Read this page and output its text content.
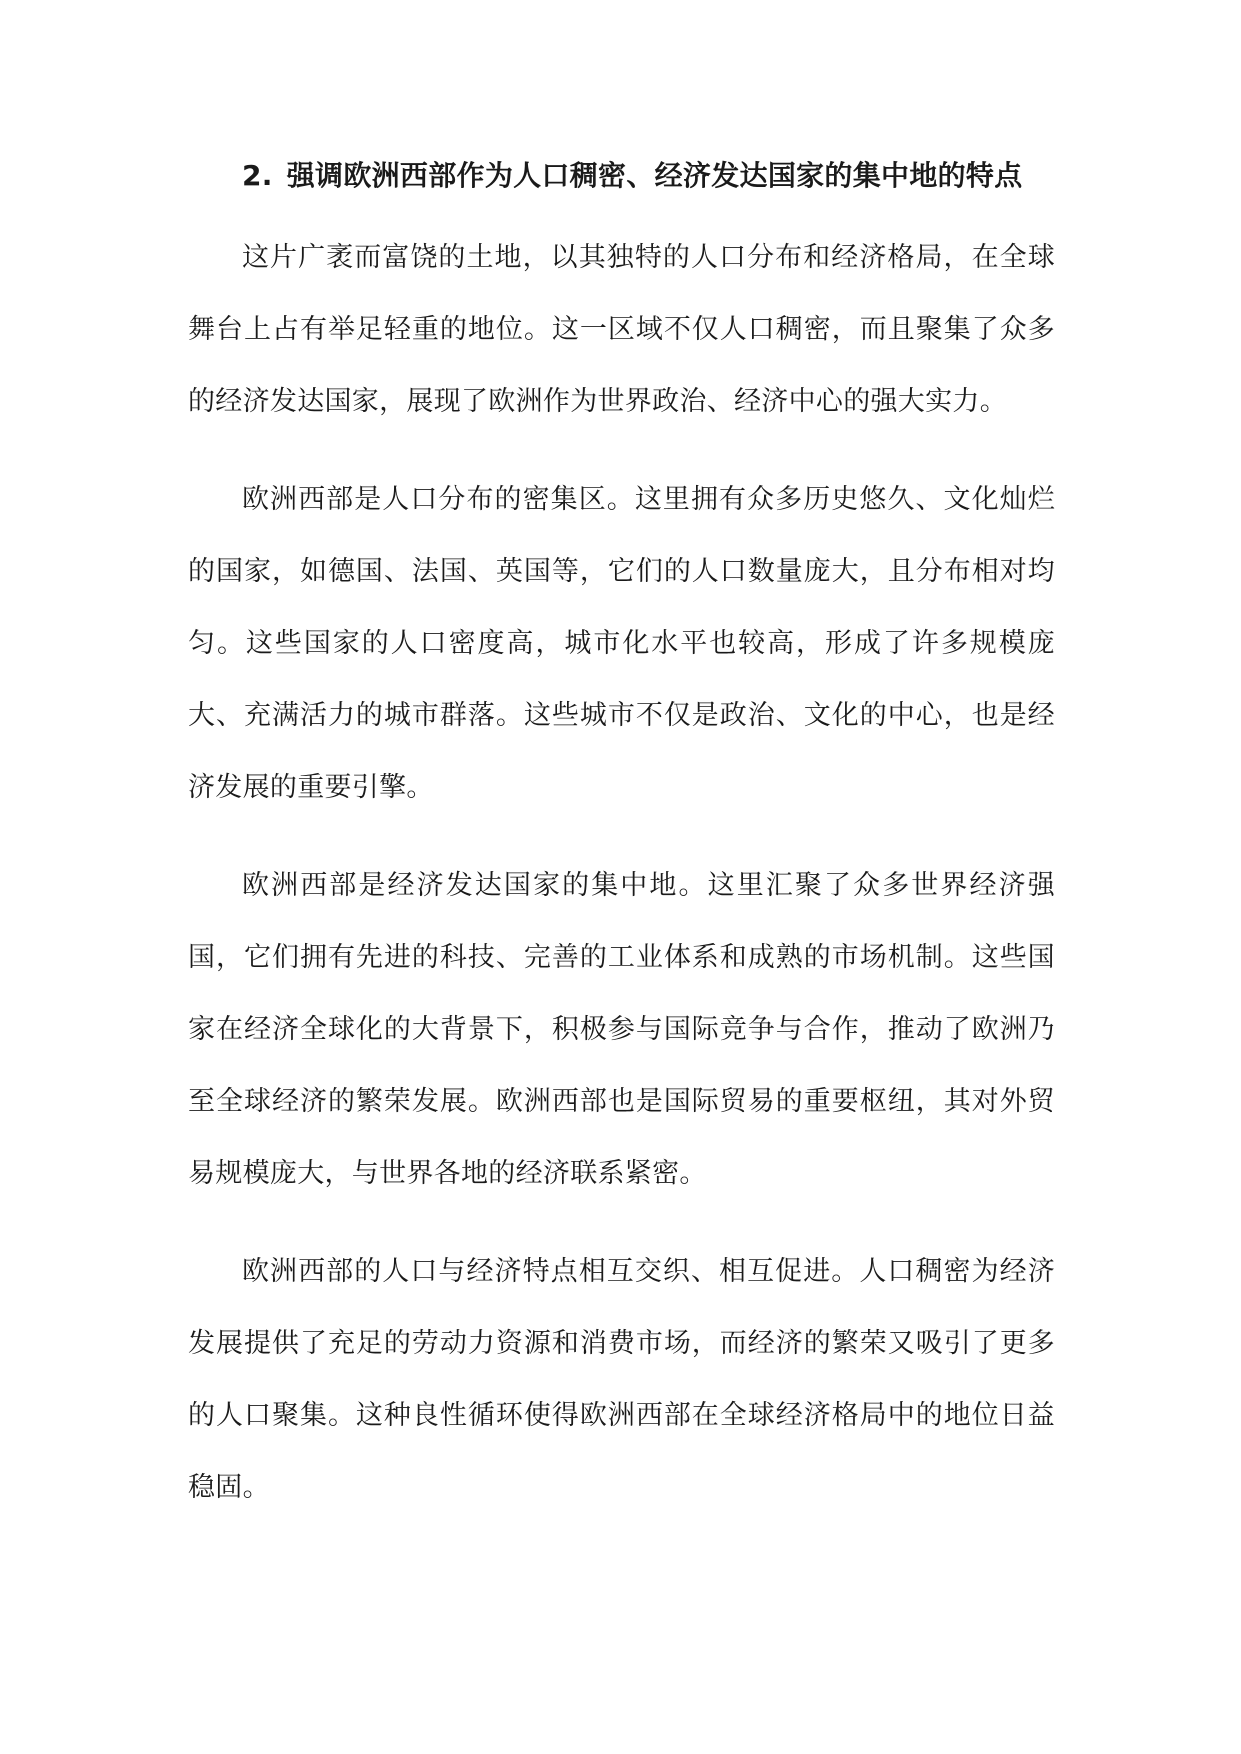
2. 强调欧洲西部作为人口稠密、经济发达国家的集中地的特点

这片广袤而富饶的土地，以其独特的人口分布和经济格局，在全球舞台上占有举足轻重的地位。这一区域不仅人口稠密，而且聚集了众多的经济发达国家，展现了欧洲作为世界政治、经济中心的强大实力。

欧洲西部是人口分布的密集区。这里拥有众多历史悠久、文化灿烂的国家，如德国、法国、英国等，它们的人口数量庞大，且分布相对均匀。这些国家的人口密度高，城市化水平也较高，形成了许多规模庞大、充满活力的城市群落。这些城市不仅是政治、文化的中心，也是经济发展的重要引擎。

欧洲西部是经济发达国家的集中地。这里汇聚了众多世界经济强国，它们拥有先进的科技、完善的工业体系和成熟的市场机制。这些国家在经济全球化的大背景下，积极参与国际竞争与合作，推动了欧洲乃至全球经济的繁荣发展。欧洲西部也是国际贸易的重要枢纽，其对外贸易规模庞大，与世界各地的经济联系紧密。

欧洲西部的人口与经济特点相互交织、相互促进。人口稠密为经济发展提供了充足的劳动力资源和消费市场，而经济的繁荣又吸引了更多的人口聚集。这种良性循环使得欧洲西部在全球经济格局中的地位日益稳固。
